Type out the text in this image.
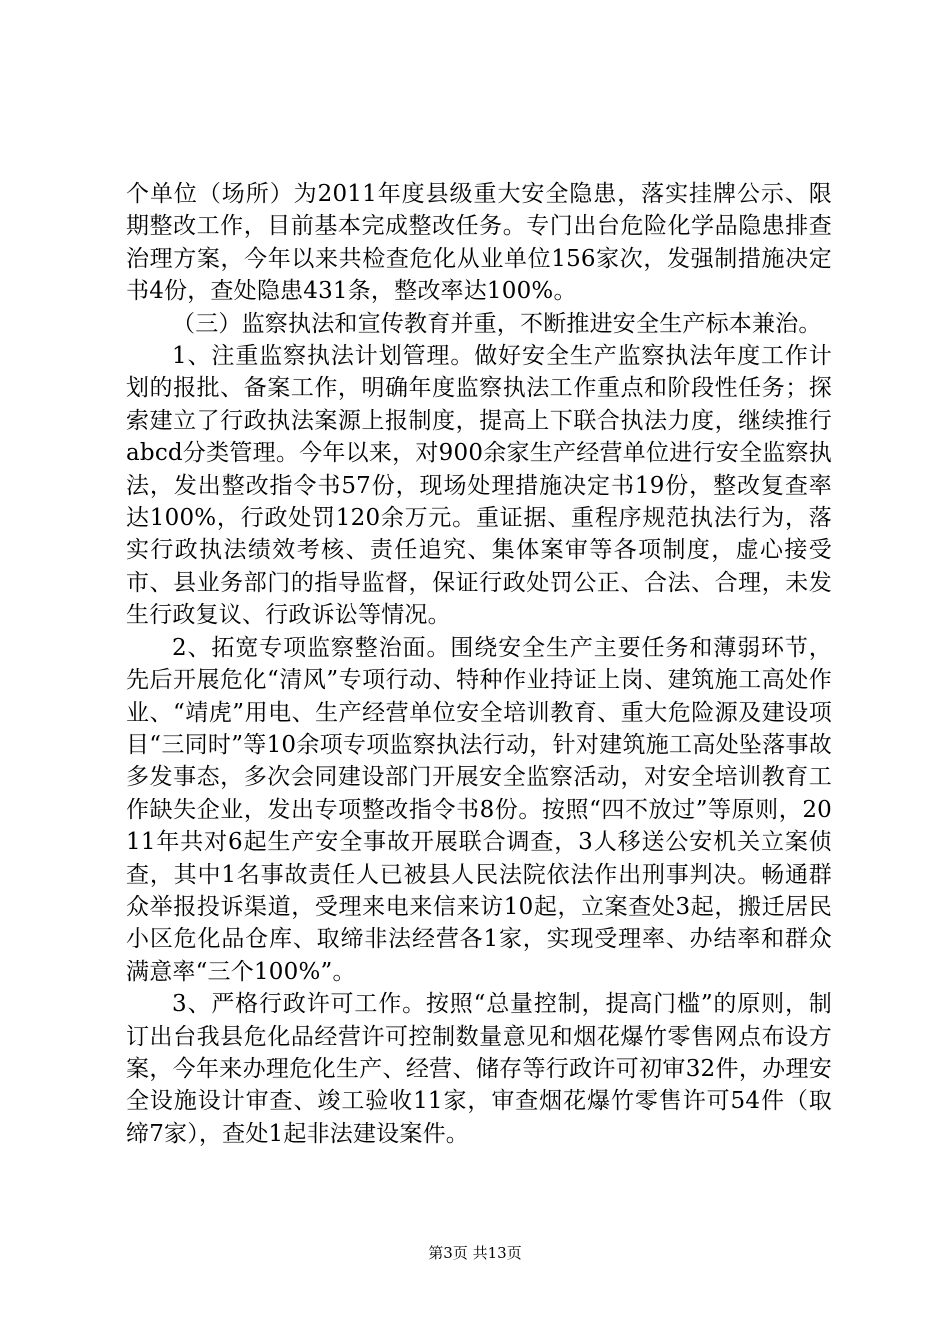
个单位（场所）为2011年度县级重大安全隐患，落实挂牌公示、限期整改工作，目前基本完成整改任务。专门出台危险化学品隐患排查治理方案，今年以来共检查危化从业单位156家次，发强制措施决定书4份，查处隐患431条，整改率达100%。

（三）监察执法和宣传教育并重，不断推进安全生产标本兼治。

1、注重监察执法计划管理。做好安全生产监察执法年度工作计划的报批、备案工作，明确年度监察执法工作重点和阶段性任务；探索建立了行政执法案源上报制度，提高上下联合执法力度，继续推行abcd分类管理。今年以来，对900余家生产经营单位进行安全监察执法，发出整改指令书57份，现场处理措施决定书19份，整改复查率达100%，行政处罚120余万元。重证据、重程序规范执法行为，落实行政执法绩效考核、责任追究、集体案审等各项制度，虚心接受市、县业务部门的指导监督，保证行政处罚公正、合法、合理，未发生行政复议、行政诉讼等情况。

2、拓宽专项监察整治面。围绕安全生产主要任务和薄弱环节，先后开展危化“清风”专项行动、特种作业持证上岗、建筑施工高处作业、“靖虎”用电、生产经营单位安全培训教育、重大危险源及建设项目“三同时”等10余项专项监察执法行动，针对建筑施工高处坠落事故多发事态，多次会同建设部门开展安全监察活动，对安全培训教育工作缺失企业，发出专项整改指令书8份。按照“四不放过”等原则，2011年共对6起生产安全事故开展联合调查，3人移送公安机关立案侦查，其中1名事故责任人已被县人民法院依法作出刑事判决。畅通群众举报投诉渠道，受理来电来信来访10起，立案查处3起，搬迁居民小区危化品仓库、取缔非法经营各1家，实现受理率、办结率和群众满意率“三个100%”。

3、严格行政许可工作。按照“总量控制，提高门槛”的原则，制订出台我县危化品经营许可控制数量意见和烟花爆竹零售网点布设方案，今年来办理危化生产、经营、储存等行政许可初审32件，办理安全设施设计审查、竣工验收11家，审查烟花爆竹零售许可54件（取缔7家），查处1起非法建设案件。

第3页 共13页
